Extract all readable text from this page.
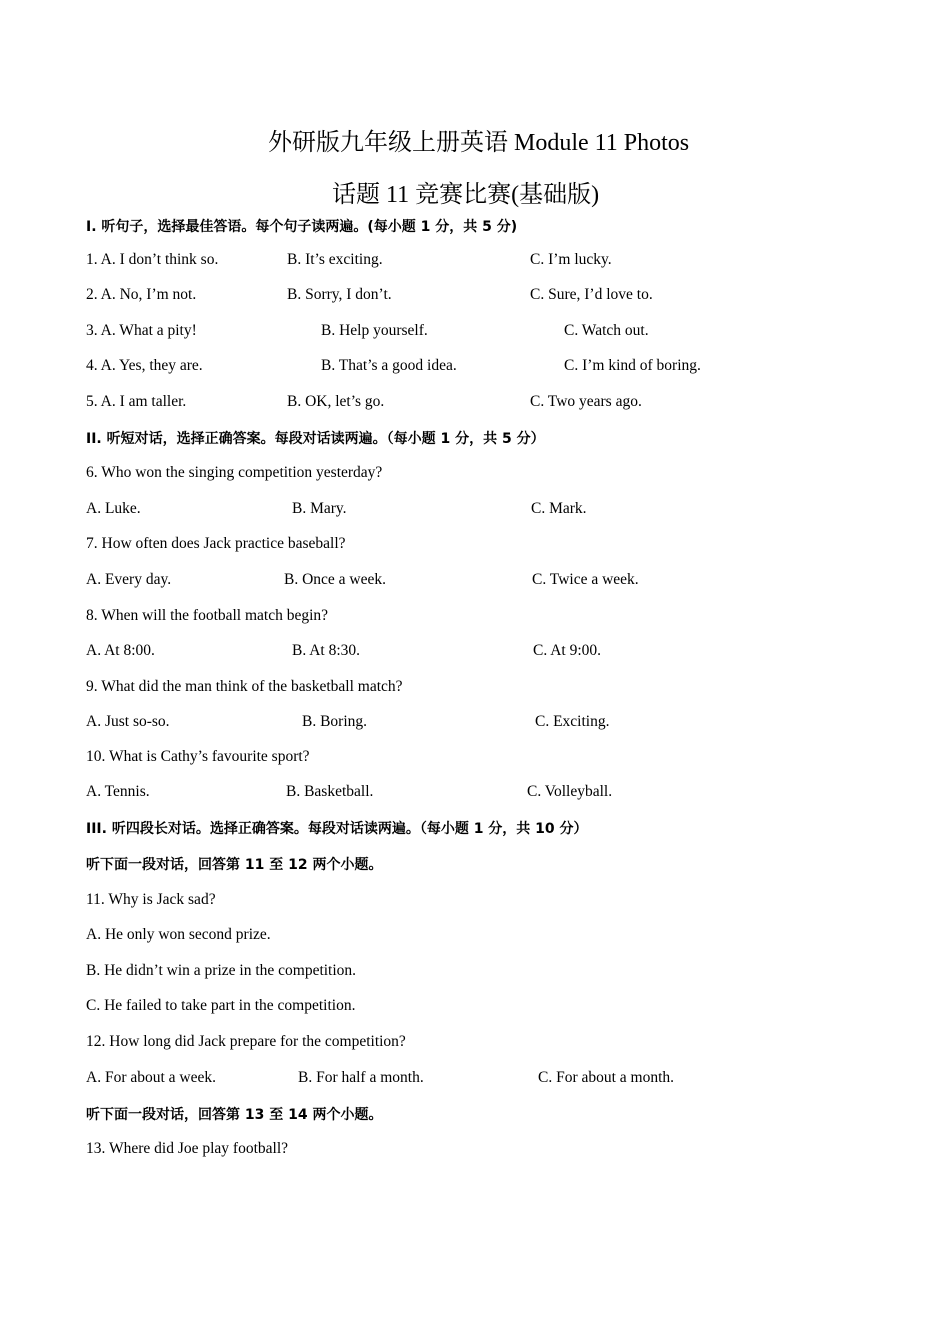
外研版九年级上册英语 Module 11 Photos
话题 11 竞赛比赛(基础版)
I. 听句子，选择最佳答语。每个句子读两遍。(每小题 1 分，共 5 分)
1. A. I don’t think so.	B. It’s exciting.	C. I’m lucky.
2. A. No, I’m not.	B. Sorry, I don’t.	C. Sure, I’d love to.
3. A. What a pity!	B. Help yourself.	C. Watch out.
4. A. Yes, they are.	B. That’s a good idea.	C. I’m kind of boring.
5. A. I am taller.	B. OK, let’s go.	C. Two years ago.
II. 听短对话，选择正确答案。每段对话读两遍。（每小题 1 分，共 5 分）
6. Who won the singing competition yesterday?
A. Luke.	B. Mary.	C. Mark.
7. How often does Jack practice baseball?
A. Every day.	B. Once a week.	C. Twice a week.
8. When will the football match begin?
A. At 8:00.	B. At 8:30.	C. At 9:00.
9. What did the man think of the basketball match?
A. Just so-so.	B. Boring.	C. Exciting.
10. What is Cathy’s favourite sport?
A. Tennis.	B. Basketball.	C. Volleyball.
III. 听四段长对话。选择正确答案。每段对话读两遍。（每小题 1 分，共 10 分）
听下面一段对话，回答第 11 至 12 两个小题。
11. Why is Jack sad?
A. He only won second prize.
B. He didn’t win a prize in the competition.
C. He failed to take part in the competition.
12. How long did Jack prepare for the competition?
A. For about a week.	B. For half a month.	C. For about a month.
听下面一段对话，回答第 13 至 14 两个小题。
13. Where did Joe play football?
